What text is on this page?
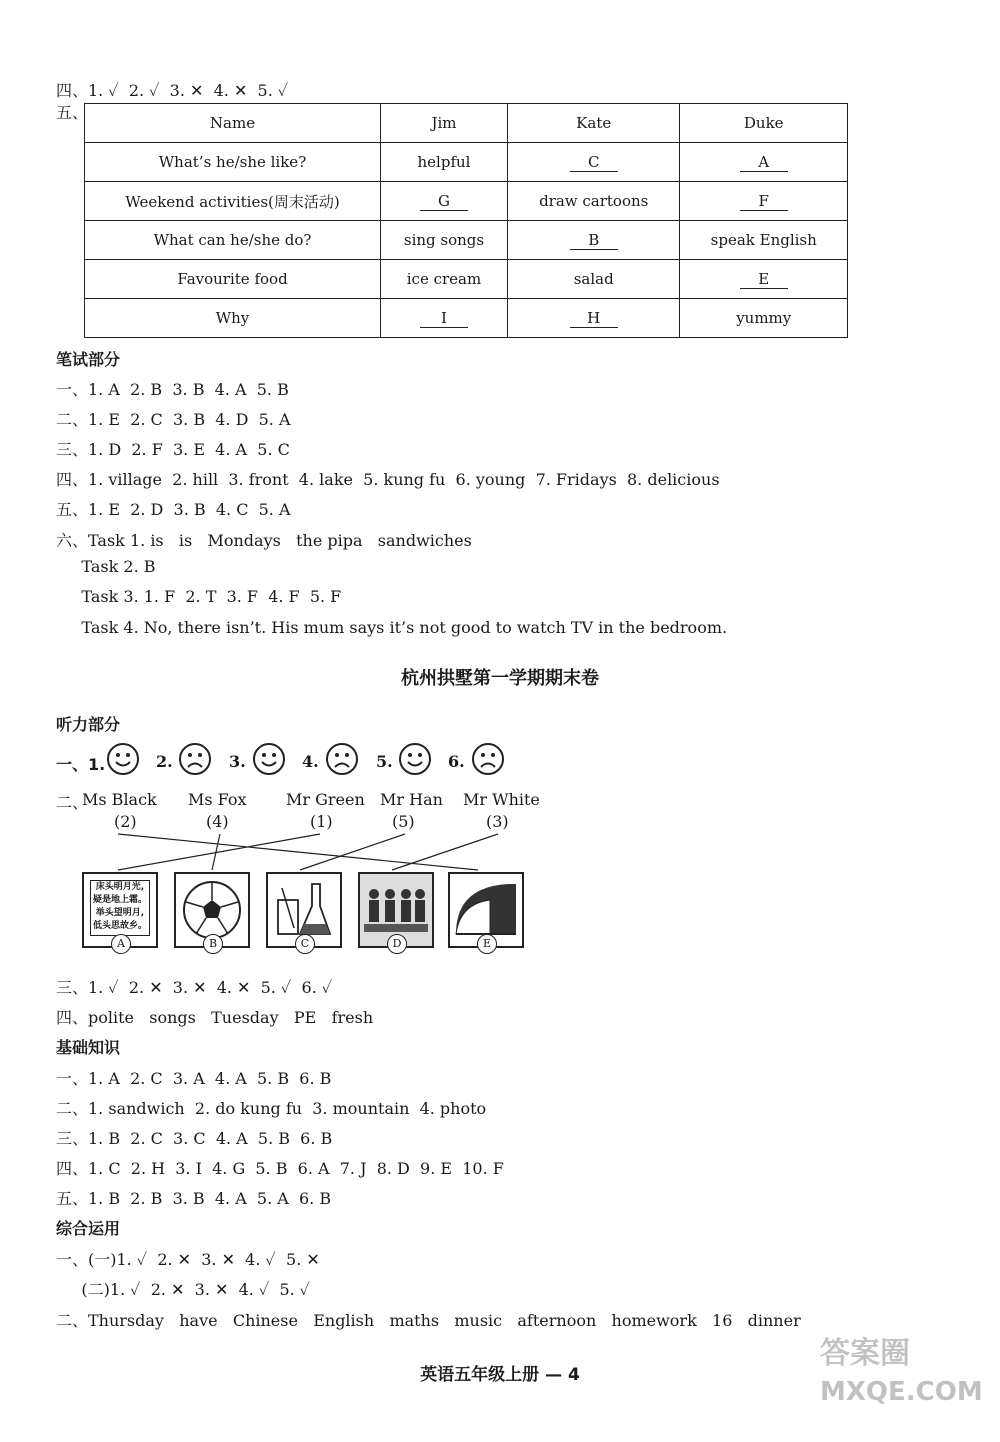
四、1. ✓  2. ✓  3. ✕  4. ✕  5. ✓
五、
Name	Jim	Kate	Duke
What’s he/she like?	helpful	C	A
Weekend activities(周末活动)	G	draw cartoons	F
What can he/she do?	sing songs	B	speak English
Favourite food	ice cream	salad	E
Why	I	H	yummy
笔试部分
一、1. A  2. B  3. B  4. A  5. B
二、1. E  2. C  3. B  4. D  5. A
三、1. D  2. F  3. E  4. A  5. C
四、1. village  2. hill  3. front  4. lake  5. kung fu  6. young  7. Fridays  8. delicious
五、1. E  2. D  3. B  4. C  5. A
六、Task 1. is   is   Mondays   the pipa   sandwiches
Task 2. B
Task 3. 1. F  2. T  3. F  4. F  5. F
Task 4. No, there isn’t. His mum says it’s not good to watch TV in the bedroom.
杭州拱墅第一学期期末卷
听力部分
一、1.	2.	3.	4.	5.	6.
二、
Ms Black Ms Fox Mr Green Mr Han Mr White
(2)	(4)	(1)	(5)	(3)
床头明月光,
疑是地上霜。
举头望明月,
低头思故乡。
A	B	C	D	E
三、1. ✓  2. ✕  3. ✕  4. ✕  5. ✓  6. ✓
四、polite   songs   Tuesday   PE   fresh
基础知识
一、1. A  2. C  3. A  4. A  5. B  6. B
二、1. sandwich  2. do kung fu  3. mountain  4. photo
三、1. B  2. C  3. C  4. A  5. B  6. B
四、1. C  2. H  3. I  4. G  5. B  6. A  7. J  8. D  9. E  10. F
五、1. B  2. B  3. B  4. A  5. A  6. B
综合运用
一、(一)1. ✓  2. ✕  3. ✕  4. ✓  5. ✕
(二)1. ✓  2. ✕  3. ✕  4. ✓  5. ✓
二、Thursday   have   Chinese   English   maths   music   afternoon   homework   16   dinner
英语五年级上册 — 4
答案圈
MXQE.COM
